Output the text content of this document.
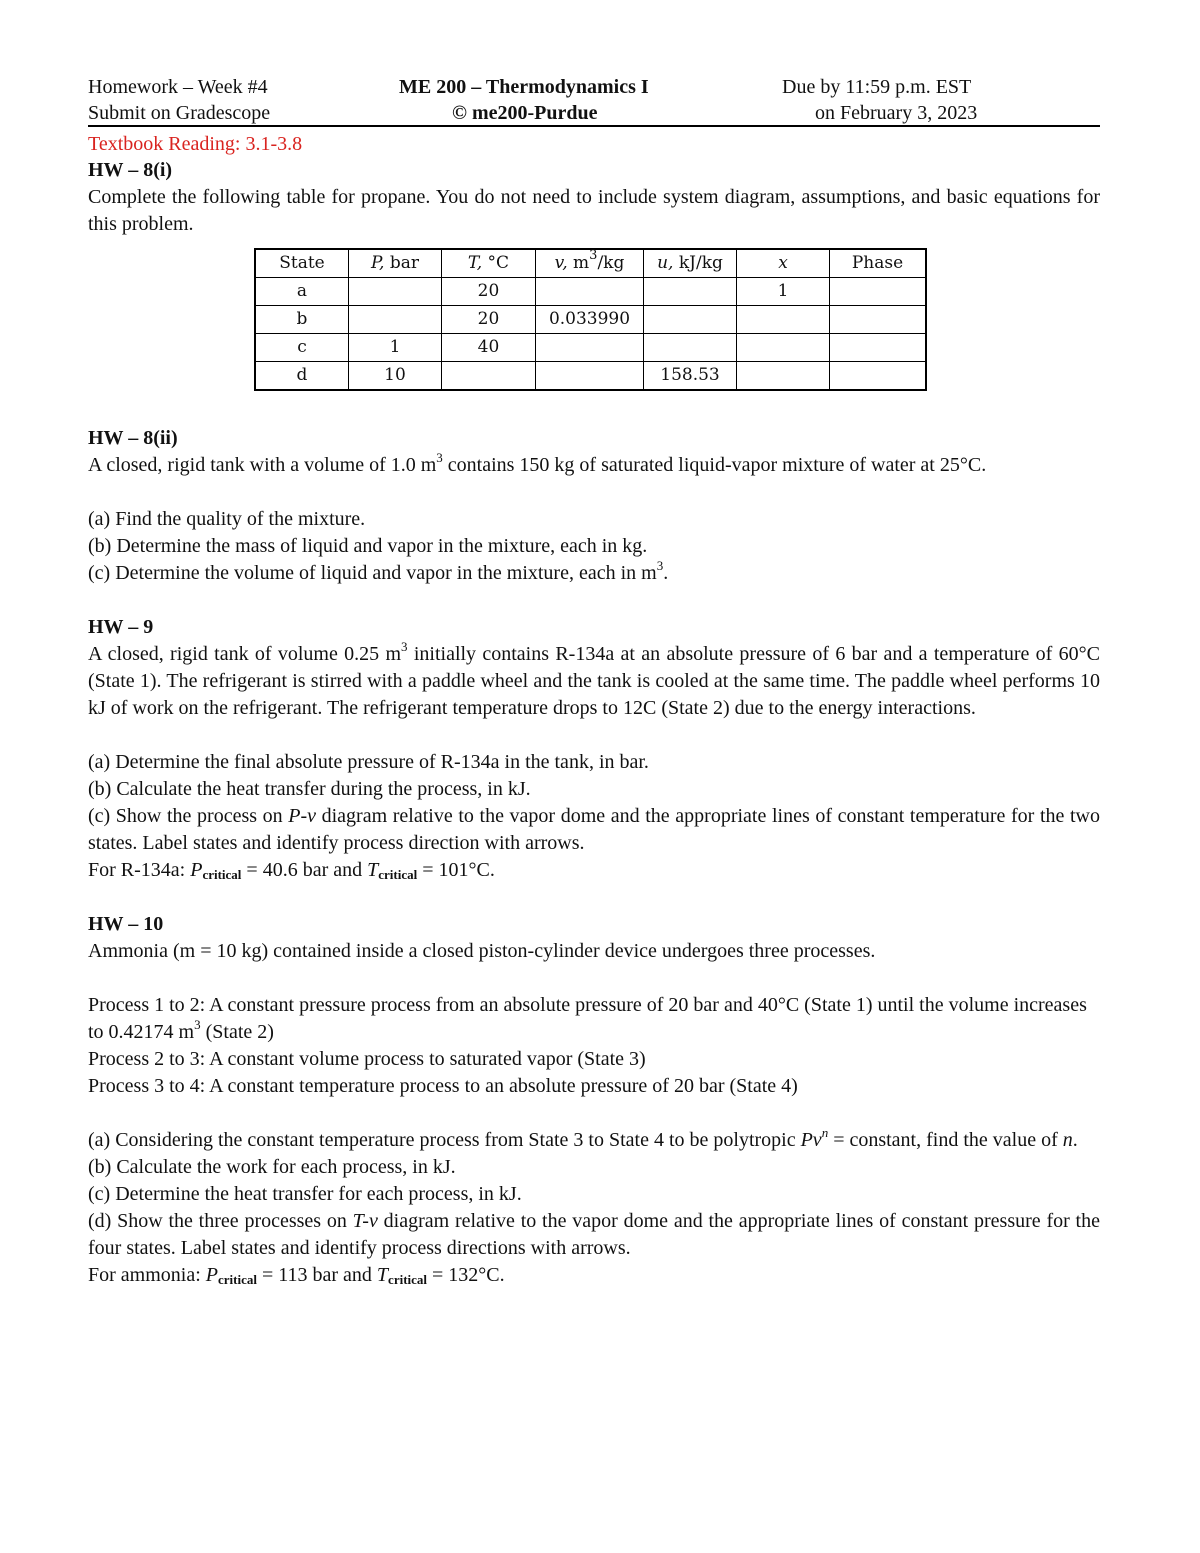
Homework – Week #4
Submit on Gradescope
ME 200 – Thermodynamics I
© me200-Purdue
Due by 11:59 p.m. EST
on February 3, 2023
Textbook Reading: 3.1-3.8
HW – 8(i)

Complete the following table for propane. You do not need to include system diagram, assumptions, and basic equations for this problem.

State	P, bar	T, °C	v, $m^3/kg$	u, kJ/kg	x	Phase
a		20			1	
b		20	0.033990			
c	1	40				
d	10			158.53		
HW – 8(ii)

A closed, rigid tank with a volume of 1.0 $m^3$ contains 150 kg of saturated liquid-vapor mixture of water at 25°C.

(a) Find the quality of the mixture.

(b) Determine the mass of liquid and vapor in the mixture, each in kg.

(c) Determine the volume of liquid and vapor in the mixture, each in $m^3$.

HW – 9

A closed, rigid tank of volume 0.25 $m^3$ initially contains R-134a at an absolute pressure of 6 bar and a temperature of 60°C (State 1). The refrigerant is stirred with a paddle wheel and the tank is cooled at the same time. The paddle wheel performs 10 kJ of work on the refrigerant. The refrigerant temperature drops to 12C (State 2) due to the energy interactions.

(a) Determine the final absolute pressure of R-134a in the tank, in bar.

(b) Calculate the heat transfer during the process, in kJ.

(c) Show the process on P-v diagram relative to the vapor dome and the appropriate lines of constant temperature for the two states. Label states and identify process direction with arrows.

For R-134a: $P_{critical} = 40.6$ bar and $T_{critical} = 101^\circ C$.

HW – 10

Ammonia (m = 10 kg) contained inside a closed piston-cylinder device undergoes three processes.

Process 1 to 2: A constant pressure process from an absolute pressure of 20 bar and 40°C (State 1) until the volume increases to 0.42174 $m^3$ (State 2)

Process 2 to 3: A constant volume process to saturated vapor (State 3)

Process 3 to 4: A constant temperature process to an absolute pressure of 20 bar (State 4)

(a) Considering the constant temperature process from State 3 to State 4 to be polytropic $Pv^n$ = constant, find the value of n.

(b) Calculate the work for each process, in kJ.

(c) Determine the heat transfer for each process, in kJ.

(d) Show the three processes on T-v diagram relative to the vapor dome and the appropriate lines of constant pressure for the four states. Label states and identify process directions with arrows.

For ammonia: $P_{critical} = 113$ bar and $T_{critical} = 132^\circ C$.
